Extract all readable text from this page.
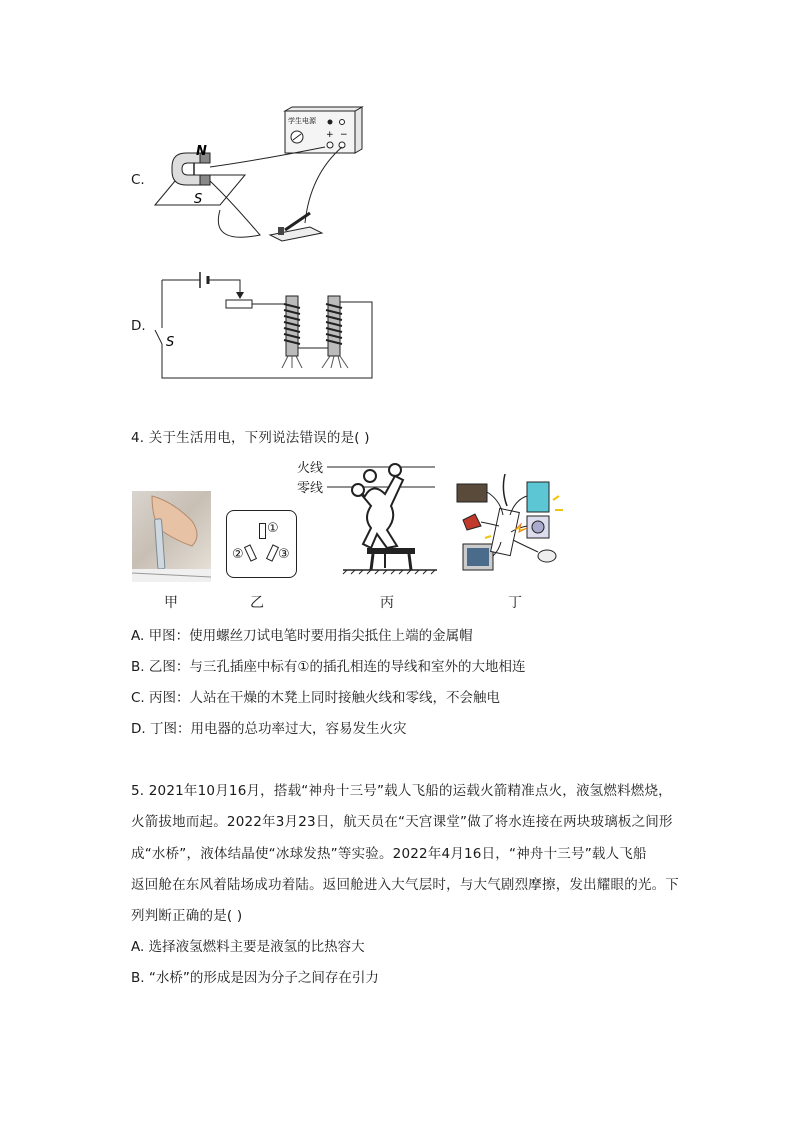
C.
学生电源
+ −
N
S
D.
S
4. 关于生活用电，下列说法错误的是( )
①
②	③
火线
零线
甲	乙	丙	丁
A. 甲图：使用螺丝刀试电笔时要用指尖抵住上端的金属帽
B. 乙图：与三孔插座中标有①的插孔相连的导线和室外的大地相连
C. 丙图：人站在干燥的木凳上同时接触火线和零线，不会触电
D. 丁图：用电器的总功率过大，容易发生火灾
5. 2021年10月16月，搭载“神舟十三号”载人飞船的运载火箭精准点火，液氢燃料燃烧，
火箭拔地而起。2022年3月23日，航天员在“天宫课堂”做了将水连接在两块玻璃板之间形
成“水桥”，液体结晶使“冰球发热”等实验。2022年4月16日，“神舟十三号”载人飞船
返回舱在东风着陆场成功着陆。返回舱进入大气层时，与大气剧烈摩擦，发出耀眼的光。下
列判断正确的是( )
A. 选择液氢燃料主要是液氢的比热容大
B. “水桥”的形成是因为分子之间存在引力
